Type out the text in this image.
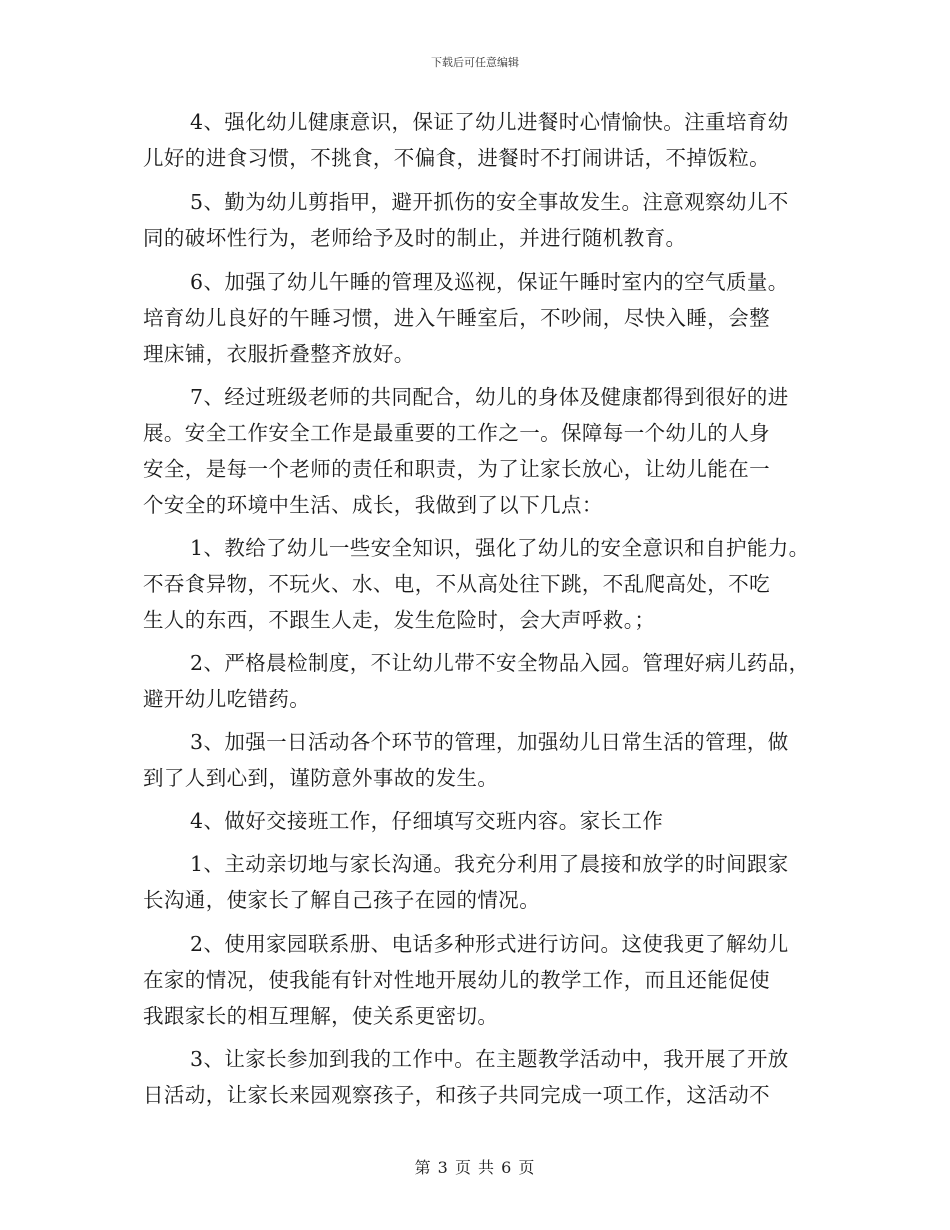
下载后可任意编辑
4、强化幼儿健康意识，保证了幼儿进餐时心情愉快。注重培育幼
儿好的进食习惯，不挑食，不偏食，进餐时不打闹讲话，不掉饭粒。
5、勤为幼儿剪指甲，避开抓伤的安全事故发生。注意观察幼儿不
同的破坏性行为，老师给予及时的制止，并进行随机教育。
6、加强了幼儿午睡的管理及巡视，保证午睡时室内的空气质量。
培育幼儿良好的午睡习惯，进入午睡室后，不吵闹，尽快入睡，会整
理床铺，衣服折叠整齐放好。
7、经过班级老师的共同配合，幼儿的身体及健康都得到很好的进
展。安全工作安全工作是最重要的工作之一。保障每一个幼儿的人身
安全，是每一个老师的责任和职责，为了让家长放心，让幼儿能在一
个安全的环境中生活、成长，我做到了以下几点：
1、教给了幼儿一些安全知识，强化了幼儿的安全意识和自护能力。
不吞食异物，不玩火、水、电，不从高处往下跳，不乱爬高处，不吃
生人的东西，不跟生人走，发生危险时，会大声呼救。；
2、严格晨检制度，不让幼儿带不安全物品入园。管理好病儿药品，
避开幼儿吃错药。
3、加强一日活动各个环节的管理，加强幼儿日常生活的管理，做
到了人到心到，谨防意外事故的发生。
4、做好交接班工作，仔细填写交班内容。家长工作
1、主动亲切地与家长沟通。我充分利用了晨接和放学的时间跟家
长沟通，使家长了解自己孩子在园的情况。
2、使用家园联系册、电话多种形式进行访问。这使我更了解幼儿
在家的情况，使我能有针对性地开展幼儿的教学工作，而且还能促使
我跟家长的相互理解，使关系更密切。
3、让家长参加到我的工作中。在主题教学活动中，我开展了开放
日活动，让家长来园观察孩子，和孩子共同完成一项工作，这活动不
第 3 页 共 6 页
